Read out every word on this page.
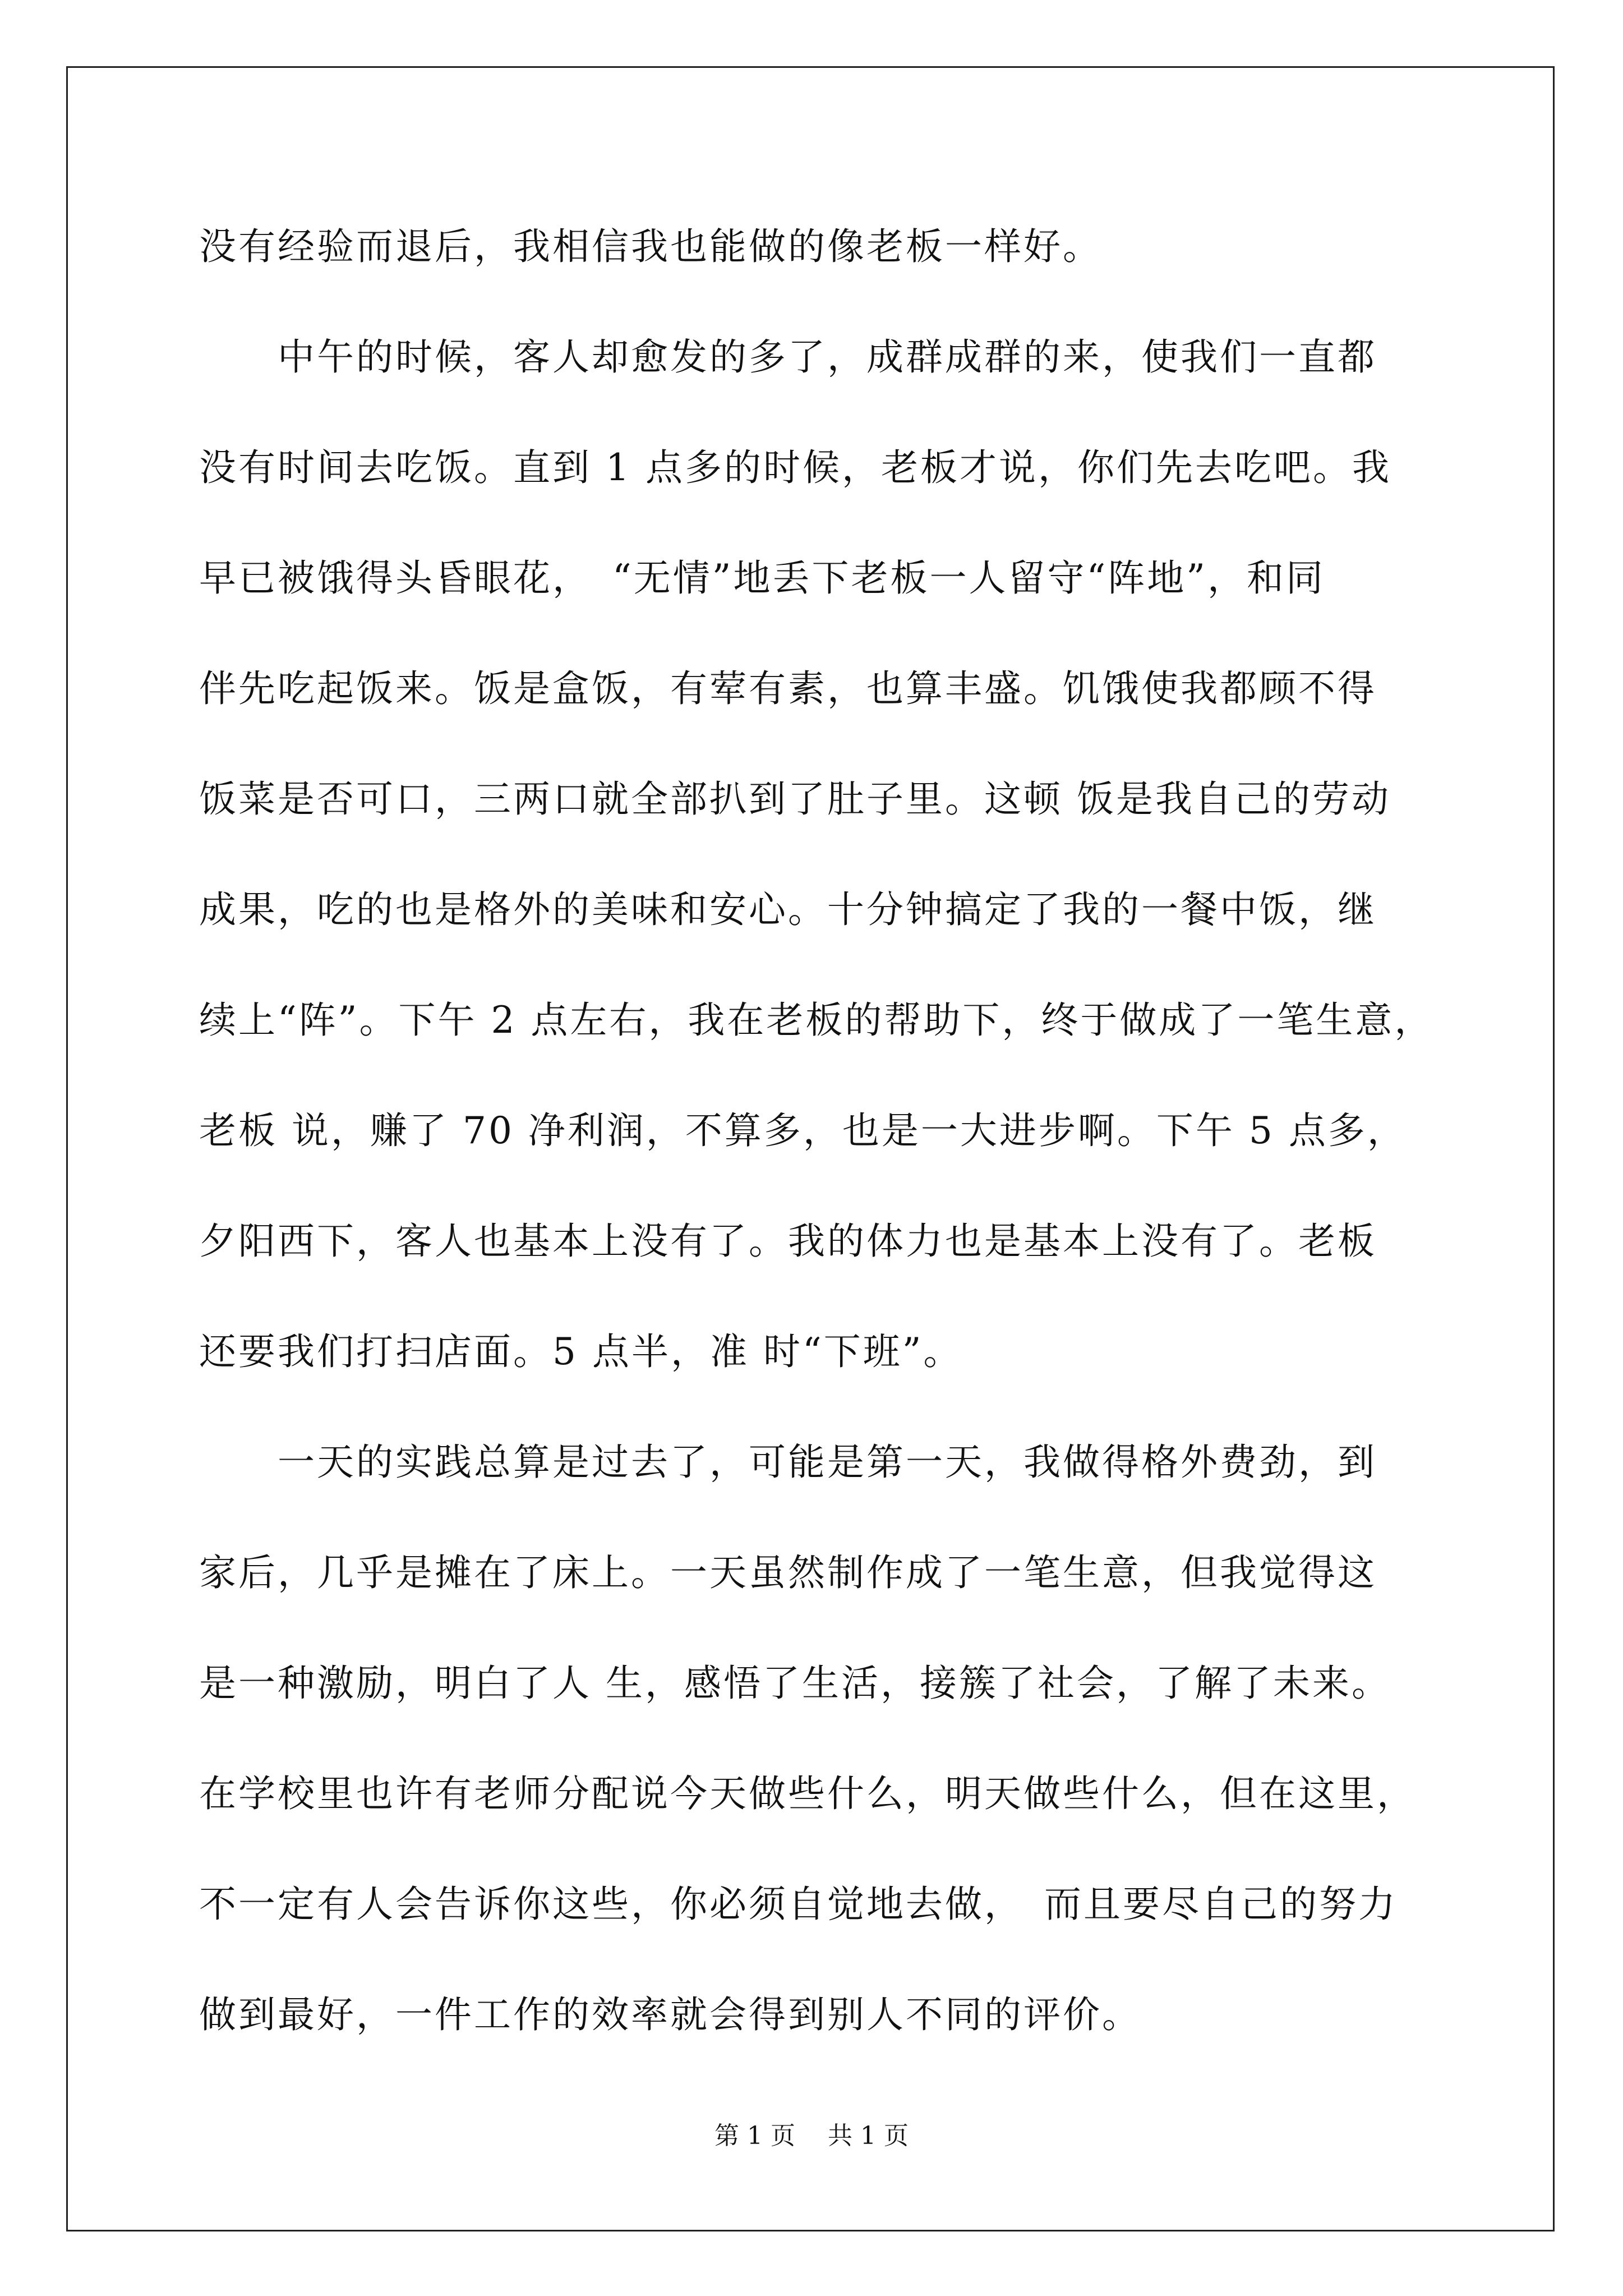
没有经验而退后，我相信我也能做的像老板一样好。
　　中午的时候，客人却愈发的多了，成群成群的来，使我们一直都
没有时间去吃饭。直到 1 点多的时候，老板才说，你们先去吃吧。我
早已被饿得头昏眼花，　“无情”地丢下老板一人留守“阵地”，和同
伴先吃起饭来。饭是盒饭，有荤有素，也算丰盛。饥饿使我都顾不得
饭菜是否可口，三两口就全部扒到了肚子里。这顿 饭是我自己的劳动
成果，吃的也是格外的美味和安心。十分钟搞定了我的一餐中饭，继
续上“阵”。下午 2 点左右，我在老板的帮助下，终于做成了一笔生意，
老板 说，赚了 70 净利润，不算多，也是一大进步啊。下午 5 点多，
夕阳西下，客人也基本上没有了。我的体力也是基本上没有了。老板
还要我们打扫店面。5 点半，准 时“下班”。
　　一天的实践总算是过去了，可能是第一天，我做得格外费劲，到
家后，几乎是摊在了床上。一天虽然制作成了一笔生意，但我觉得这
是一种激励，明白了人 生，感悟了生活，接簇了社会，了解了未来。
在学校里也许有老师分配说今天做些什么，明天做些什么，但在这里，
不一定有人会告诉你这些，你必须自觉地去做，　而且要尽自己的努力
做到最好，一件工作的效率就会得到别人不同的评价。
第 1 页　 共 1 页
